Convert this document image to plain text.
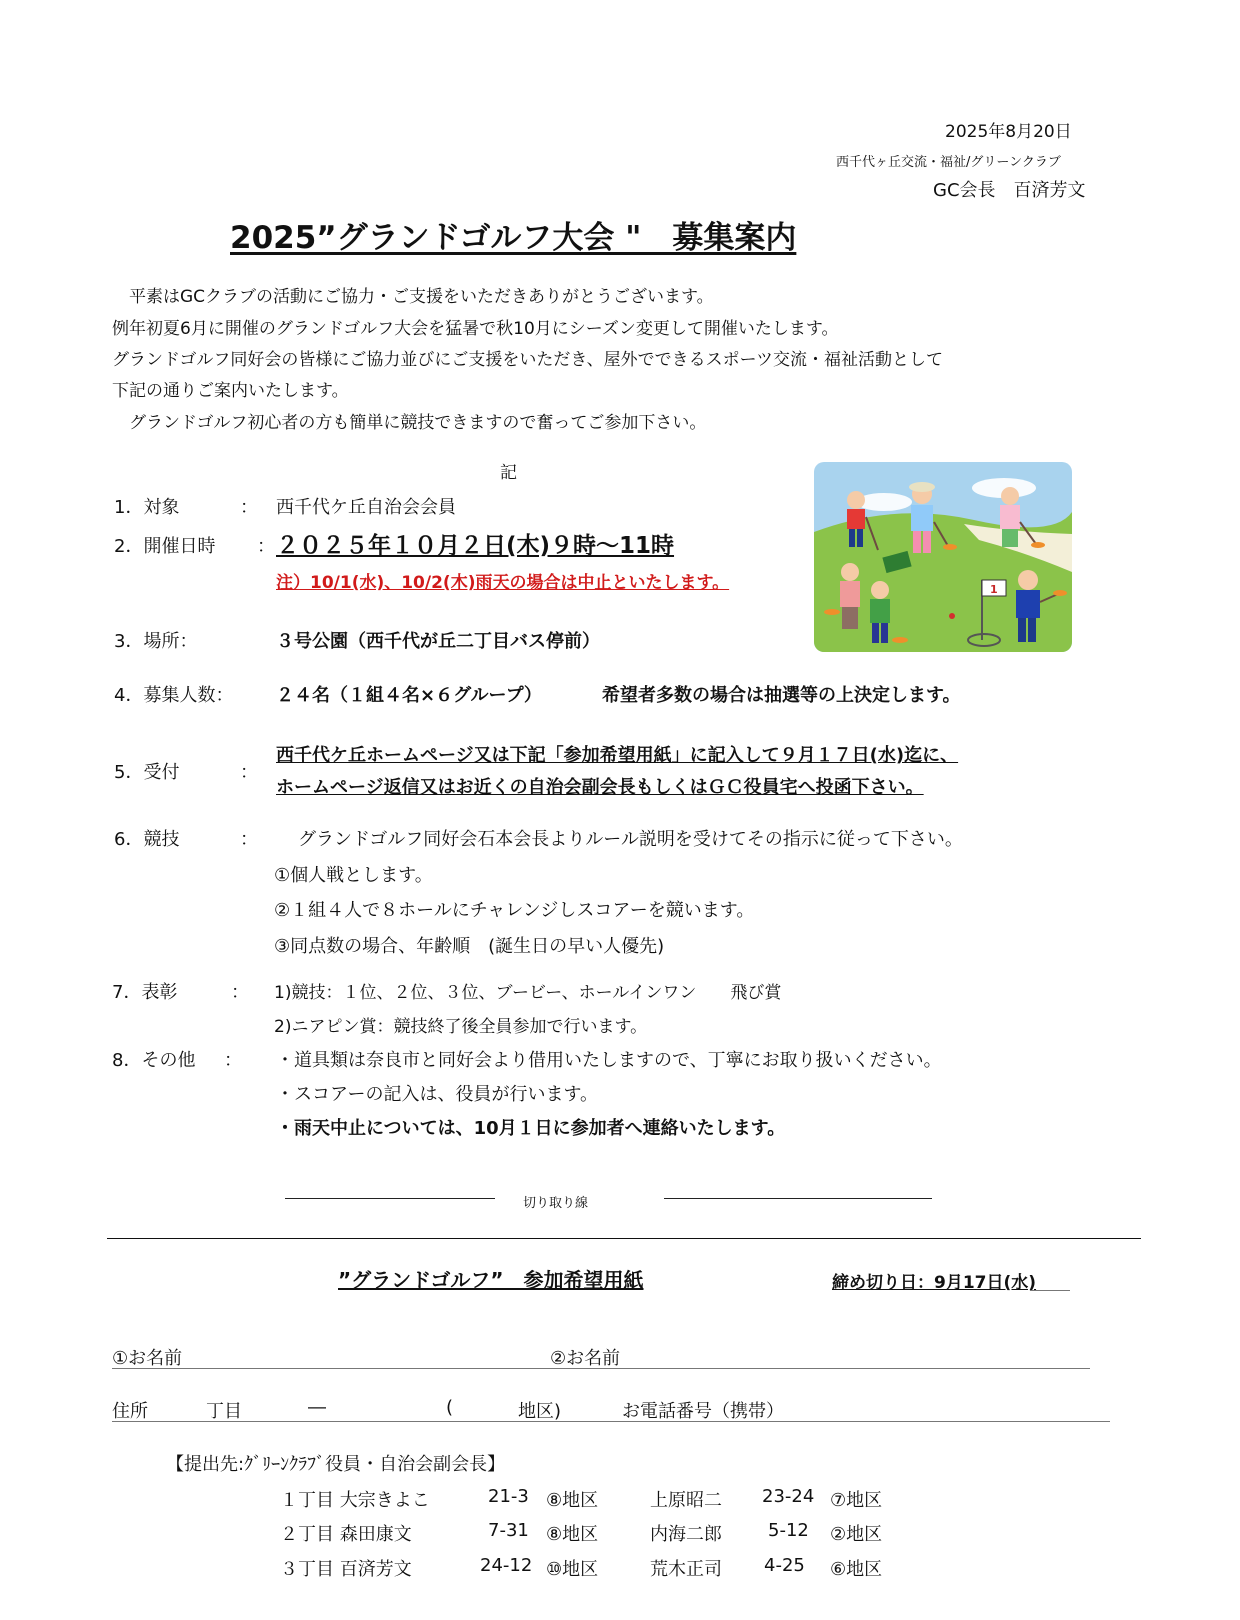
2025年8月20日
西千代ヶ丘交流・福祉/グリーンクラブ
GC会長　百済芳文
2025”グランドゴルフ大会 "　募集案内
　平素はGCクラブの活動にご協力・ご支援をいただきありがとうございます。
例年初夏6月に開催のグランドゴルフ大会を猛暑で秋10月にシーズン変更して開催いたします。
グランドゴルフ同好会の皆様にご協力並びにご支援をいただき、屋外でできるスポーツ交流・福祉活動として
下記の通りご案内いたします。
　グランドゴルフ初心者の方も簡単に競技できますので奮ってご参加下さい。
記
1．対象	： 西千代ケ丘自治会会員
2．開催日時 ： ２０２５年１０月２日(木)９時〜11時
注）10/1(水)、10/2(木)雨天の場合は中止といたします。
3．場所：	３号公園（西千代が丘二丁目バス停前）
4．募集人数： ２４名（１組４名×６グループ）	希望者多数の場合は抽選等の上決定します。
5．受付	：
西千代ケ丘ホームページ又は下記「参加希望用紙」に記入して９月１７日(水)迄に、
ホームページ返信又はお近くの自治会副会長もしくはＧＣ役員宅へ投函下さい。
6．競技	： グランドゴルフ同好会石本会長よりルール説明を受けてその指示に従って下さい。
①個人戦とします。
②１組４人で８ホールにチャレンジしスコアーを競います。
③同点数の場合、年齢順　(誕生日の早い人優先)
7．表彰	： 1)競技：１位、２位、３位、ブービー、ホールインワン　　飛び賞
2)ニアピン賞：競技終了後全員参加で行います。
8．その他 ： ・道具類は奈良市と同好会より借用いたしますので、丁寧にお取り扱いください。
・スコアーの記入は、役員が行います。
・雨天中止については、10月１日に参加者へ連絡いたします。
1
切り取り線
”グランドゴルフ”　参加希望用紙	締め切り日：9月17日(水)
①お名前	②お名前
住所	丁目	―	(	地区)	お電話番号（携帯）
【提出先:ｸﾞﾘｰﾝｸﾗﾌﾞ役員・自治会副会長】
１丁目 大宗きよこ	21-3 ⑧地区	上原昭二 23-24 ⑦地区
２丁目 森田康文	7-31 ⑧地区	内海二郎	5-12 ②地区
３丁目 百済芳文	24-12 ⑩地区	荒木正司 4-25 ⑥地区
